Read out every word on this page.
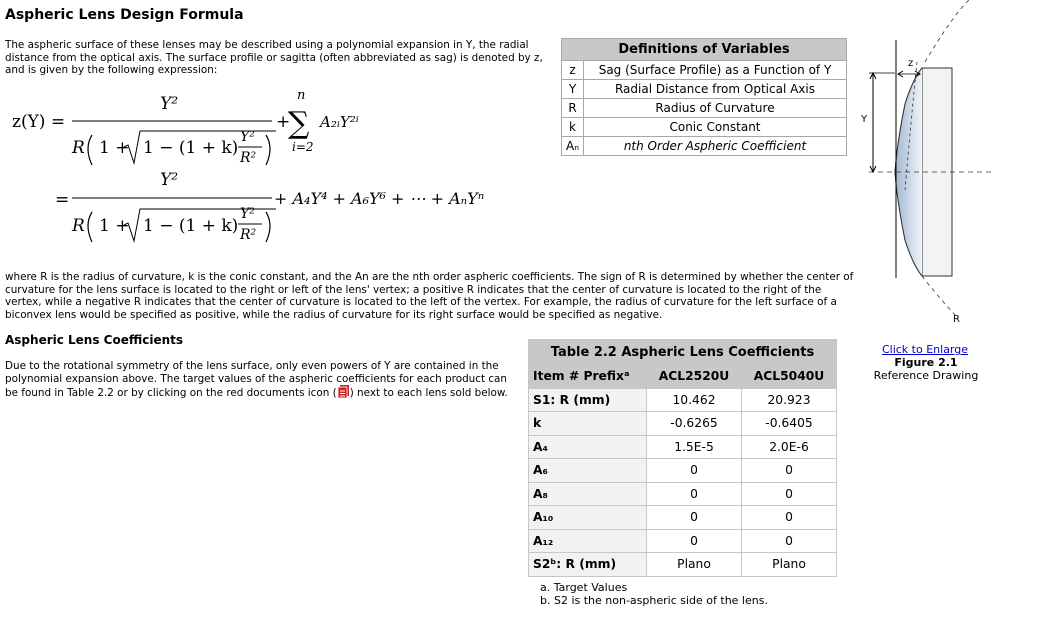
Aspheric Lens Design Formula
The aspheric surface of these lenses may be described using a polynomial expansion in Y, the radial distance from the optical axis. The surface profile or sagitta (often abbreviated as sag) is denoted by z, and is given by the following expression:
z(Y) =
Y²
R 1 + 1 − (1 + k)
Y²
R²
+
n
∑
i=2
A₂ᵢY²ⁱ
=
Y²
R 1 + 1 − (1 + k)
Y²
R²
+ A₄Y⁴ + A₆Y⁶ + ⋯ + AₙYⁿ
where R is the radius of curvature, k is the conic constant, and the An are the nth order aspheric coefficients. The sign of R is determined by whether the center of curvature for the lens surface is located to the right or left of the lens' vertex; a positive R indicates that the center of curvature is located to the right of the vertex, while a negative R indicates that the center of curvature is located to the left of the vertex. For example, the radius of curvature for the left surface of a biconvex lens would be specified as positive, while the radius of curvature for its right surface would be specified as negative.
Aspheric Lens Coefficients
Due to the rotational symmetry of the lens surface, only even powers of Y are contained in the polynomial expansion above. The target values of the aspheric coefficients for each product can be found in Table 2.2 or by clicking on the red documents icon ( ) next to each lens sold below.
Definitions of Variables	
z	Sag (Surface Profile) as a Function of Y
Y	Radial Distance from Optical Axis
R	Radius of Curvature
k	Conic Constant
Aₙ	nth Order Aspheric Coefficient
Table 2.2 Aspheric Lens Coefficients		
Item # Prefixᵃ	ACL2520U	ACL5040U
S1: R (mm)	10.462	20.923
k	-0.6265	-0.6405
A₄	1.5E-5	2.0E-6
A₆	0	0
A₈	0	0
A₁₀	0	0
A₁₂	0	0
S2ᵇ: R (mm)	Plano	Plano
a. Target Values
b. S2 is the non-aspheric side of the lens.
z
Y
R
Click to Enlarge
Figure 2.1
Reference Drawing
